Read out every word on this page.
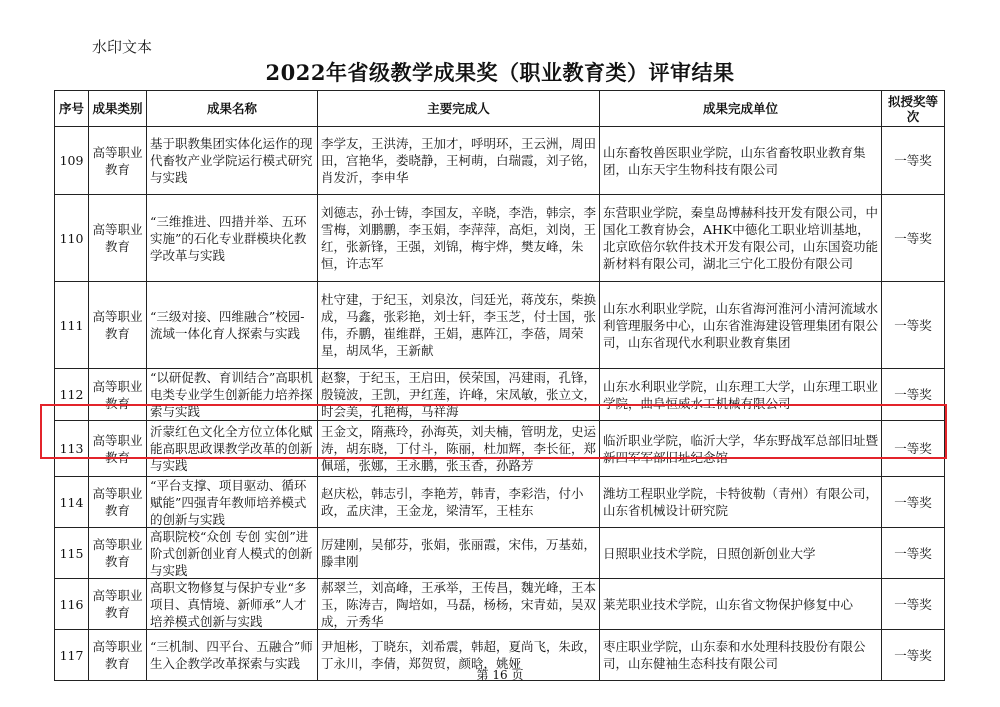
水印文本
2022年省级教学成果奖（职业教育类）评审结果
序号	成果类别	成果名称	主要完成人	成果完成单位	拟授奖等次

109	高等职业教育	基于职教集团实体化运作的现代畜牧产业学院运行模式研究与实践	李学友，王洪涛，王加才，呼明环，王云洲，周田田，宫艳华，娄晓静，王柯萌，白瑞霞，刘子铭，肖发沂，李申华	山东畜牧兽医职业学院，山东省畜牧职业教育集团，山东天宇生物科技有限公司	一等奖

110	高等职业教育	“三维推进、四措并举、五环实施”的石化专业群模块化教学改革与实践	刘德志，孙士铸，李国友，辛晓，李浩，韩宗，李雪梅，刘鹏鹏，李玉娟，李萍萍，高炬，刘岗，王红，张新锋，王强，刘锦，梅宇烨，樊友峰，朱恒，许志军	东营职业学院，秦皇岛博赫科技开发有限公司，中国化工教育协会，AHK中德化工职业培训基地，北京欧倍尔软件技术开发有限公司，山东国瓷功能新材料有限公司，湖北三宁化工股份有限公司	一等奖

111	高等职业教育	“三级对接、四维融合”校园-流域一体化育人探索与实践	杜守建，于纪玉，刘泉汝，闫廷光，蒋茂东，柴换成，马鑫，张彩艳，刘士轩，李玉芝，付士国，张伟，乔鹏，崔维群，王娟，惠阵江，李蓓，周荣星，胡凤华，王新献	山东水利职业学院，山东省海河淮河小清河流域水利管理服务中心，山东省淮海建设管理集团有限公司，山东省现代水利职业教育集团	一等奖

112	高等职业教育	“以研促教、育训结合”高职机电类专业学生创新能力培养探索与实践	赵黎，于纪玉，王启田，侯荣国，冯建雨，孔锋，殷镜波，王凯，尹红莲，许峰，宋凤敏，张立文，时会美，孔艳梅，马祥海	山东水利职业学院，山东理工大学，山东理工职业学院，曲阜恒威水工机械有限公司	一等奖

113	高等职业教育	沂蒙红色文化全方位立体化赋能高职思政课教学改革的创新与实践	王金文，隋燕玲，孙海英，刘夫楠，管明龙，史运涛，胡东晓，丁付斗，陈丽，杜加辉，李长征，郑佩瑶，张娜，王永鹏，张玉香，孙路芳	临沂职业学院，临沂大学，华东野战军总部旧址暨新四军军部旧址纪念馆	一等奖

114	高等职业教育	“平台支撑、项目驱动、循环赋能”四强青年教师培养模式的创新与实践	赵庆松，韩志引，李艳芳，韩青，李彩浩，付小政，孟庆津，王金龙，梁清军，王桂东	潍坊工程职业学院，卡特彼勒（青州）有限公司，山东省机械设计研究院	一等奖

115	高等职业教育	高职院校“众创 专创 实创”进阶式创新创业育人模式的创新与实践	厉建刚，吴郁芬，张娟，张丽霞，宋伟，万基茹，滕聿刚	日照职业技术学院，日照创新创业大学	一等奖

116	高等职业教育	高职文物修复与保护专业“多项目、真情境、新师承”人才培养模式创新与实践	郝翠兰，刘高峰，王承举，王传昌，魏光峰，王本玉，陈涛吉，陶培如，马磊，杨杨，宋青茹，吴双成，亓秀华	莱芜职业技术学院，山东省文物保护修复中心	一等奖

117	高等职业教育	“三机制、四平台、五融合”师生入企教学改革探索与实践	尹旭彬，丁晓东，刘希震，韩超，夏尚飞，朱政，丁永川，李倩，郑贺贸，颜晗，姚娅	枣庄职业学院，山东泰和水处理科技股份有限公司，山东健袖生态科技有限公司	一等奖
第 16 页
